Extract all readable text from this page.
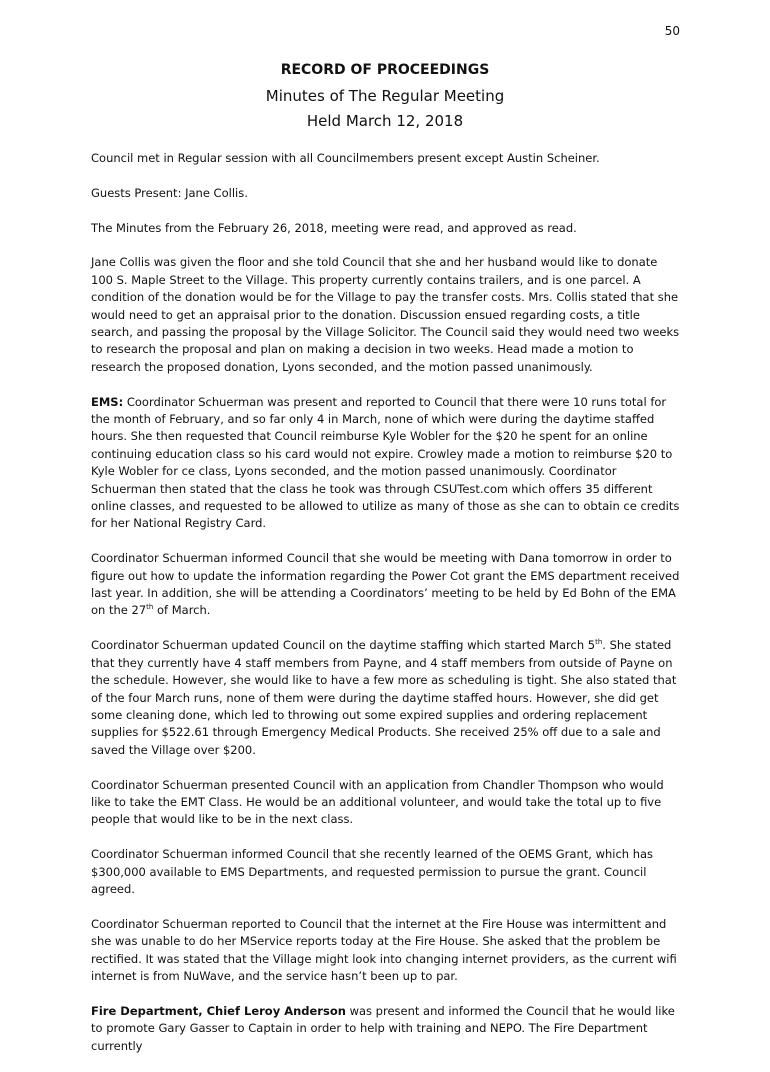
50
RECORD OF PROCEEDINGS
Minutes of The Regular Meeting
Held March 12, 2018

Council met in Regular session with all Councilmembers present except Austin Scheiner.

Guests Present: Jane Collis.

The Minutes from the February 26, 2018, meeting were read, and approved as read.

Jane Collis was given the floor and she told Council that she and her husband would like to donate 100 S. Maple Street to the Village. This property currently contains trailers, and is one parcel. A condition of the donation would be for the Village to pay the transfer costs. Mrs. Collis stated that she would need to get an appraisal prior to the donation. Discussion ensued regarding costs, a title search, and passing the proposal by the Village Solicitor. The Council said they would need two weeks to research the proposal and plan on making a decision in two weeks. Head made a motion to research the proposed donation, Lyons seconded, and the motion passed unanimously.

EMS: Coordinator Schuerman was present and reported to Council that there were 10 runs total for the month of February, and so far only 4 in March, none of which were during the daytime staffed hours. She then requested that Council reimburse Kyle Wobler for the $20 he spent for an online continuing education class so his card would not expire. Crowley made a motion to reimburse $20 to Kyle Wobler for ce class, Lyons seconded, and the motion passed unanimously. Coordinator Schuerman then stated that the class he took was through CSUTest.com which offers 35 different online classes, and requested to be allowed to utilize as many of those as she can to obtain ce credits for her National Registry Card.

Coordinator Schuerman informed Council that she would be meeting with Dana tomorrow in order to figure out how to update the information regarding the Power Cot grant the EMS department received last year. In addition, she will be attending a Coordinators’ meeting to be held by Ed Bohn of the EMA on the 27th of March.

Coordinator Schuerman updated Council on the daytime staffing which started March 5th. She stated that they currently have 4 staff members from Payne, and 4 staff members from outside of Payne on the schedule. However, she would like to have a few more as scheduling is tight. She also stated that of the four March runs, none of them were during the daytime staffed hours. However, she did get some cleaning done, which led to throwing out some expired supplies and ordering replacement supplies for $522.61 through Emergency Medical Products. She received 25% off due to a sale and saved the Village over $200.

Coordinator Schuerman presented Council with an application from Chandler Thompson who would like to take the EMT Class. He would be an additional volunteer, and would take the total up to five people that would like to be in the next class.

Coordinator Schuerman informed Council that she recently learned of the OEMS Grant, which has $300,000 available to EMS Departments, and requested permission to pursue the grant. Council agreed.

Coordinator Schuerman reported to Council that the internet at the Fire House was intermittent and she was unable to do her MService reports today at the Fire House. She asked that the problem be rectified. It was stated that the Village might look into changing internet providers, as the current wifi internet is from NuWave, and the service hasn’t been up to par.

Fire Department, Chief Leroy Anderson was present and informed the Council that he would like to promote Gary Gasser to Captain in order to help with training and NEPO. The Fire Department currently
